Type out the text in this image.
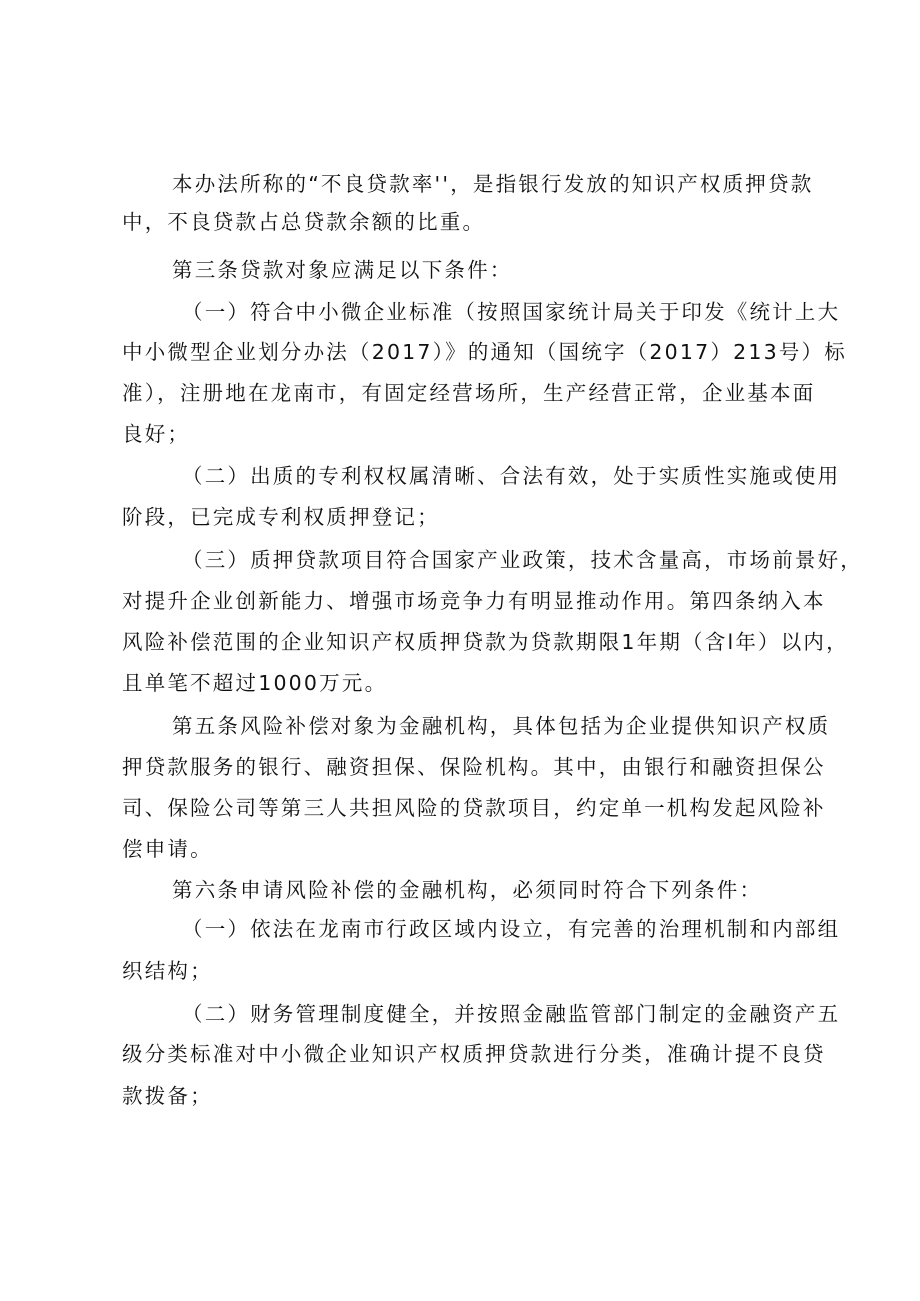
本办法所称的“不良贷款率''，是指银行发放的知识产权质押贷款
中，不良贷款占总贷款余额的比重。
第三条贷款对象应满足以下条件：
（一）符合中小微企业标准（按照国家统计局关于印发《统计上大
中小微型企业划分办法（2017）》的通知（国统字（2017）213号）标
准），注册地在龙南市，有固定经营场所，生产经营正常，企业基本面
良好；
（二）出质的专利权权属清晰、合法有效，处于实质性实施或使用
阶段，已完成专利权质押登记；
（三）质押贷款项目符合国家产业政策，技术含量高，市场前景好，
对提升企业创新能力、增强市场竞争力有明显推动作用。第四条纳入本
风险补偿范围的企业知识产权质押贷款为贷款期限1年期（含l年）以内，
且单笔不超过1000万元。
第五条风险补偿对象为金融机构，具体包括为企业提供知识产权质
押贷款服务的银行、融资担保、保险机构。其中，由银行和融资担保公
司、保险公司等第三人共担风险的贷款项目，约定单一机构发起风险补
偿申请。
第六条申请风险补偿的金融机构，必须同时符合下列条件：
（一）依法在龙南市行政区域内设立，有完善的治理机制和内部组
织结构；
（二）财务管理制度健全，并按照金融监管部门制定的金融资产五
级分类标准对中小微企业知识产权质押贷款进行分类，准确计提不良贷
款拨备；
